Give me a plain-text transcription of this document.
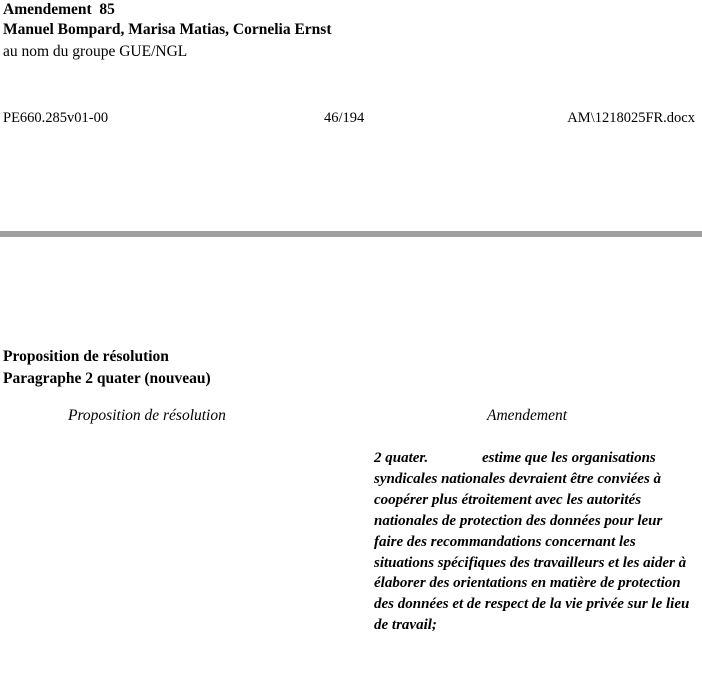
Amendement  85
Manuel Bompard, Marisa Matias, Cornelia Ernst
au nom du groupe GUE/NGL
PE660.285v01-00	46/194	AM\1218025FR.docx
Proposition de résolution
Paragraphe 2 quater (nouveau)
Proposition de résolution	Amendement

2 quater.	estime que les organisations syndicales nationales devraient être conviées à coopérer plus étroitement avec les autorités nationales de protection des données pour leur faire des recommandations concernant les situations spécifiques des travailleurs et les aider à élaborer des orientations en matière de protection des données et de respect de la vie privée sur le lieu de travail;
